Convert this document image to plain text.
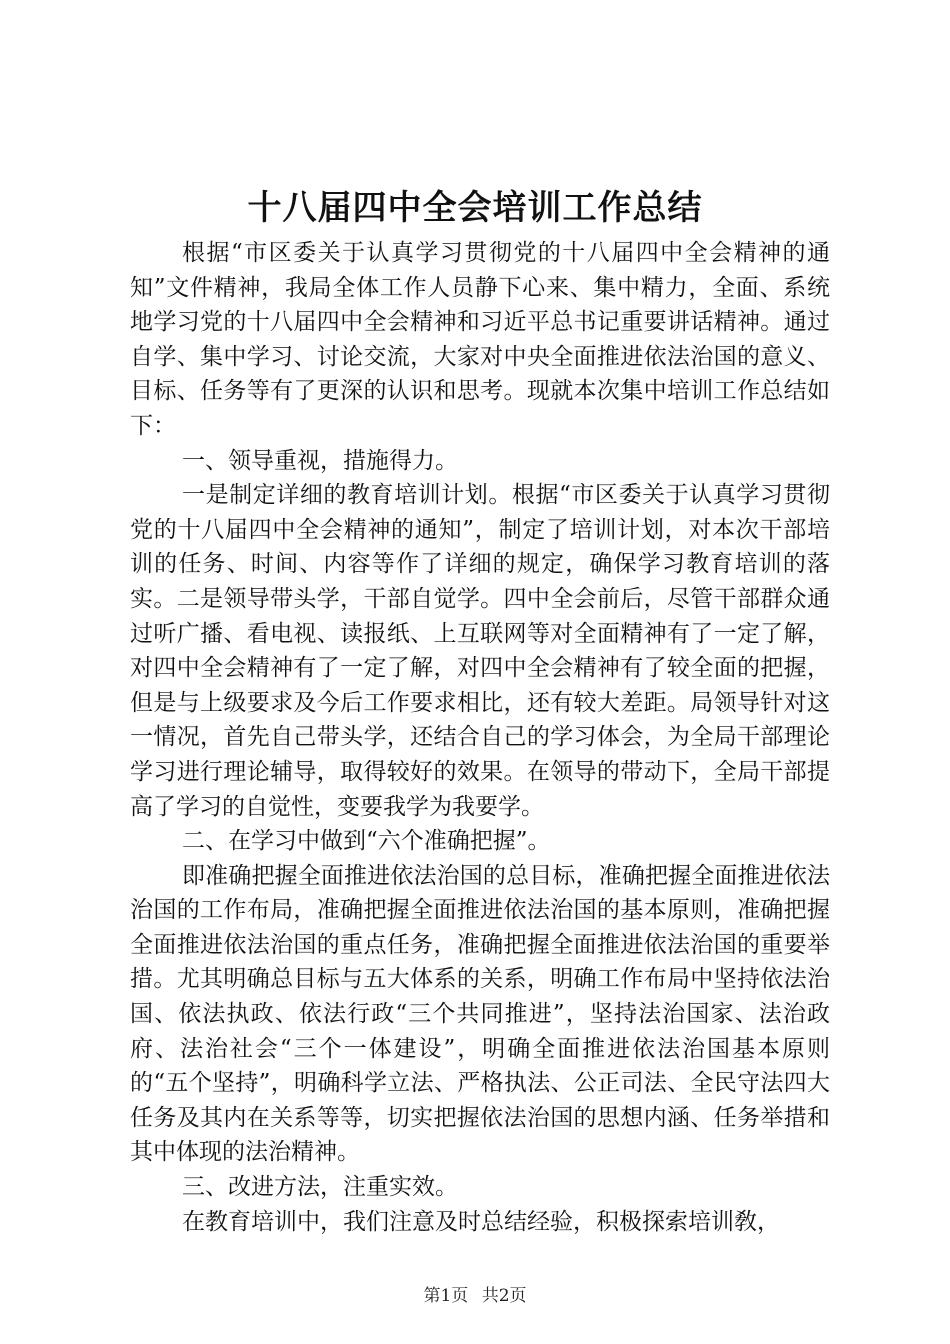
十八届四中全会培训工作总结

根据“市区委关于认真学习贯彻党的十八届四中全会精神的通知”文件精神，我局全体工作人员静下心来、集中精力，全面、系统地学习党的十八届四中全会精神和习近平总书记重要讲话精神。通过自学、集中学习、讨论交流，大家对中央全面推进依法治国的意义、目标、任务等有了更深的认识和思考。现就本次集中培训工作总结如下：

一、领导重视，措施得力。

一是制定详细的教育培训计划。根据“市区委关于认真学习贯彻党的十八届四中全会精神的通知”，制定了培训计划，对本次干部培训的任务、时间、内容等作了详细的规定，确保学习教育培训的落实。二是领导带头学，干部自觉学。四中全会前后，尽管干部群众通过听广播、看电视、读报纸、上互联网等对全面精神有了一定了解，对四中全会精神有了一定了解，对四中全会精神有了较全面的把握，但是与上级要求及今后工作要求相比，还有较大差距。局领导针对这一情况，首先自己带头学，还结合自己的学习体会，为全局干部理论学习进行理论辅导，取得较好的效果。在领导的带动下，全局干部提高了学习的自觉性，变要我学为我要学。

二、在学习中做到“六个准确把握”。

即准确把握全面推进依法治国的总目标，准确把握全面推进依法治国的工作布局，准确把握全面推进依法治国的基本原则，准确把握全面推进依法治国的重点任务，准确把握全面推进依法治国的重要举措。尤其明确总目标与五大体系的关系，明确工作布局中坚持依法治国、依法执政、依法行政“三个共同推进”，坚持法治国家、法治政府、法治社会“三个一体建设”，明确全面推进依法治国基本原则的“五个坚持”，明确科学立法、严格执法、公正司法、全民守法四大任务及其内在关系等等，切实把握依法治国的思想内涵、任务举措和其中体现的法治精神。

三、改进方法，注重实效。

在教育培训中，我们注意及时总结经验，积极探索培训敎，

第1页 共2页
